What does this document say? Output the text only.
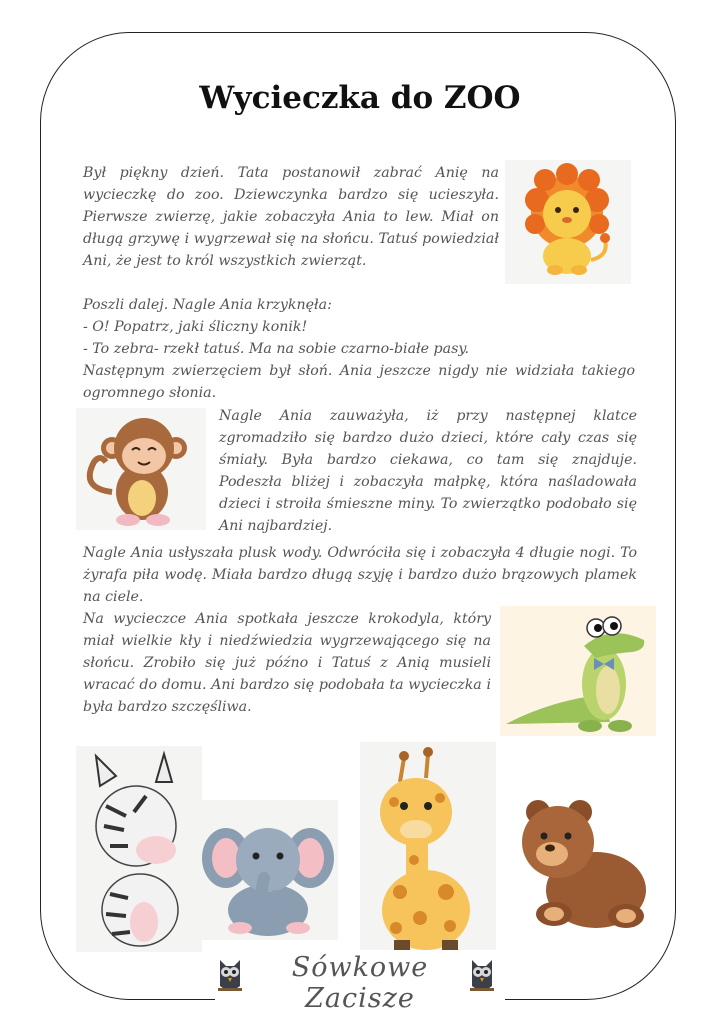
Wycieczka do ZOO

Był piękny dzień. Tata postanowił zabrać Anię na wycieczkę do zoo. Dziewczynka bardzo się ucieszyła. Pierwsze zwierzę, jakie zobaczyła Ania to lew. Miał on długą grzywę i wygrzewał się na słońcu. Tatuś powiedział Ani, że jest to król wszystkich zwierząt.

Poszli dalej. Nagle Ania krzyknęła:

- O! Popatrz, jaki śliczny konik!

- To zebra- rzekł tatuś. Ma na sobie czarno-białe pasy.

Następnym zwierzęciem był słoń. Ania jeszcze nigdy nie widziała takiego ogromnego słonia.

Nagle Ania zauważyła, iż przy następnej klatce zgromadziło się bardzo dużo dzieci, które cały czas się śmiały. Była bardzo ciekawa, co tam się znajduje. Podeszła bliżej i zobaczyła małpkę, która naśladowała dzieci i stroiła śmieszne miny. To zwierzątko podobało się Ani najbardziej.

Nagle Ania usłyszała plusk wody. Odwróciła się i zobaczyła 4 długie nogi. To żyrafa piła wodę. Miała bardzo długą szyję i bardzo dużo brązowych plamek na ciele.

Na wycieczce Ania spotkała jeszcze krokodyla, który miał wielkie kły i niedźwiedzia wygrzewającego się na słońcu. Zrobiło się już późno i Tatuś z Anią musieli wracać do domu. Ani bardzo się podobała ta wycieczka i była bardzo szczęśliwa.

Sówkowe Zacisze
